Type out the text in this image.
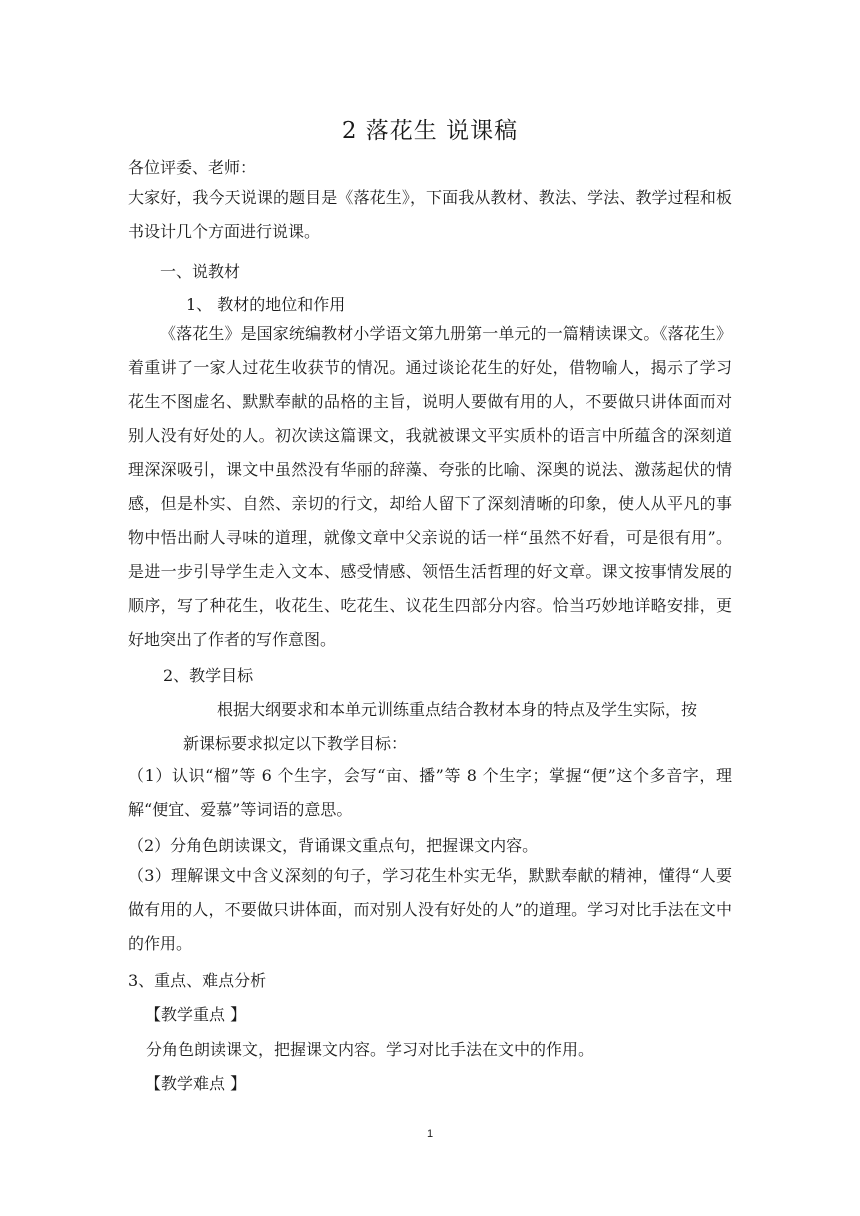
2 落花生 说课稿
各位评委、老师：
大家好，我今天说课的题目是《落花生》，下面我从教材、教法、学法、教学过程和板书设计几个方面进行说课。
一、说教材
1、 教材的地位和作用
《落花生》是国家统编教材小学语文第九册第一单元的一篇精读课文。《落花生》着重讲了一家人过花生收获节的情况。通过谈论花生的好处，借物喻人，揭示了学习花生不图虚名、默默奉献的品格的主旨，说明人要做有用的人，不要做只讲体面而对别人没有好处的人。初次读这篇课文，我就被课文平实质朴的语言中所蕴含的深刻道理深深吸引，课文中虽然没有华丽的辞藻、夸张的比喻、深奥的说法、激荡起伏的情感，但是朴实、自然、亲切的行文，却给人留下了深刻清晰的印象，使人从平凡的事物中悟出耐人寻味的道理，就像文章中父亲说的话一样“虽然不好看，可是很有用”。是进一步引导学生走入文本、感受情感、领悟生活哲理的好文章。课文按事情发展的顺序，写了种花生，收花生、吃花生、议花生四部分内容。恰当巧妙地详略安排，更好地突出了作者的写作意图。
2、教学目标
根据大纲要求和本单元训练重点结合教材本身的特点及学生实际，按
新课标要求拟定以下教学目标：
（1）认识“榴”等 6 个生字，会写“亩、播”等 8 个生字；掌握“便”这个多音字，理解“便宜、爱慕”等词语的意思。
（2）分角色朗读课文，背诵课文重点句，把握课文内容。
（3）理解课文中含义深刻的句子，学习花生朴实无华，默默奉献的精神，懂得“人要做有用的人，不要做只讲体面，而对别人没有好处的人”的道理。学习对比手法在文中的作用。
3、重点、难点分析
【教学重点 】
分角色朗读课文，把握课文内容。学习对比手法在文中的作用。
【教学难点 】
1
